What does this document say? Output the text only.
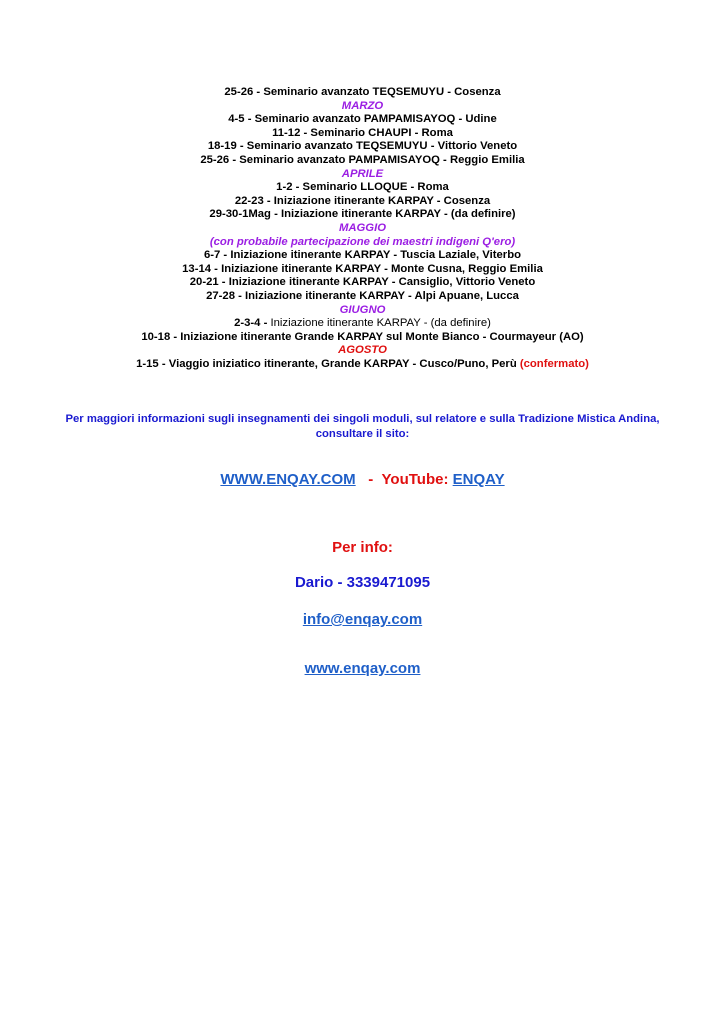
25-26 - Seminario avanzato TEQSEMUYU - Cosenza
MARZO
4-5 - Seminario avanzato PAMPAMISAYOQ - Udine
11-12 - Seminario CHAUPI - Roma
18-19 - Seminario avanzato TEQSEMUYU - Vittorio Veneto
25-26 - Seminario avanzato PAMPAMISAYOQ - Reggio Emilia
APRILE
1-2 - Seminario LLOQUE - Roma
22-23 - Iniziazione itinerante KARPAY - Cosenza
29-30-1Mag - Iniziazione itinerante KARPAY - (da definire)
MAGGIO
(con probabile partecipazione dei maestri indigeni Q'ero)
6-7 - Iniziazione itinerante KARPAY - Tuscia Laziale, Viterbo
13-14 - Iniziazione itinerante KARPAY - Monte Cusna, Reggio Emilia
20-21 - Iniziazione itinerante KARPAY - Cansiglio, Vittorio Veneto
27-28 - Iniziazione itinerante KARPAY - Alpi Apuane, Lucca
GIUGNO
2-3-4 - Iniziazione itinerante KARPAY - (da definire)
10-18 - Iniziazione itinerante Grande KARPAY sul Monte Bianco - Courmayeur (AO)
AGOSTO
1-15 - Viaggio iniziatico itinerante, Grande KARPAY - Cusco/Puno, Perù (confermato)
Per maggiori informazioni sugli insegnamenti dei singoli moduli, sul relatore e sulla Tradizione Mistica Andina, consultare il sito:
WWW.ENQAY.COM - YouTube: ENQAY
Per info:
Dario - 3339471095
info@enqay.com
www.enqay.com
